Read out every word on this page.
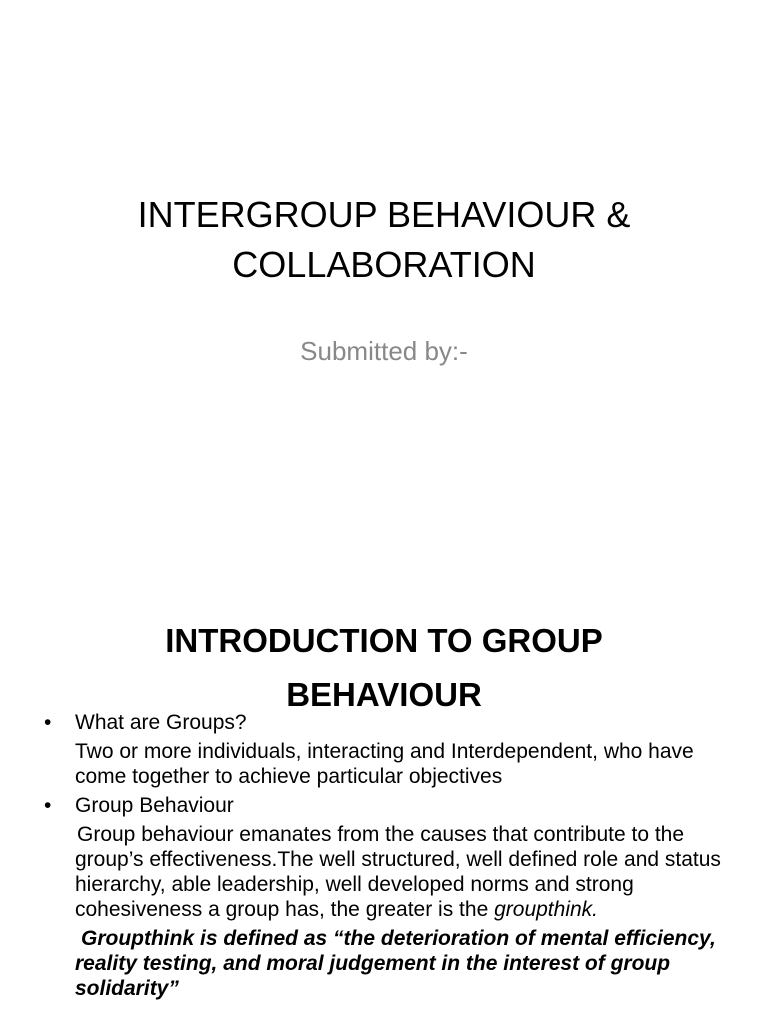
INTERGROUP BEHAVIOUR &
COLLABORATION
Submitted by:-
INTRODUCTION TO GROUP
BEHAVIOUR
•	What are Groups?
Two or more individuals, interacting and Interdependent, who have come together to achieve particular objectives
•	Group Behaviour
Group behaviour emanates from the causes that contribute to the group’s effectiveness.The well structured, well defined role and status hierarchy, able leadership, well developed norms and strong cohesiveness a group has, the greater is the groupthink.
Groupthink is defined as “the deterioration of mental efficiency, reality testing, and moral judgement in the interest of group solidarity”
